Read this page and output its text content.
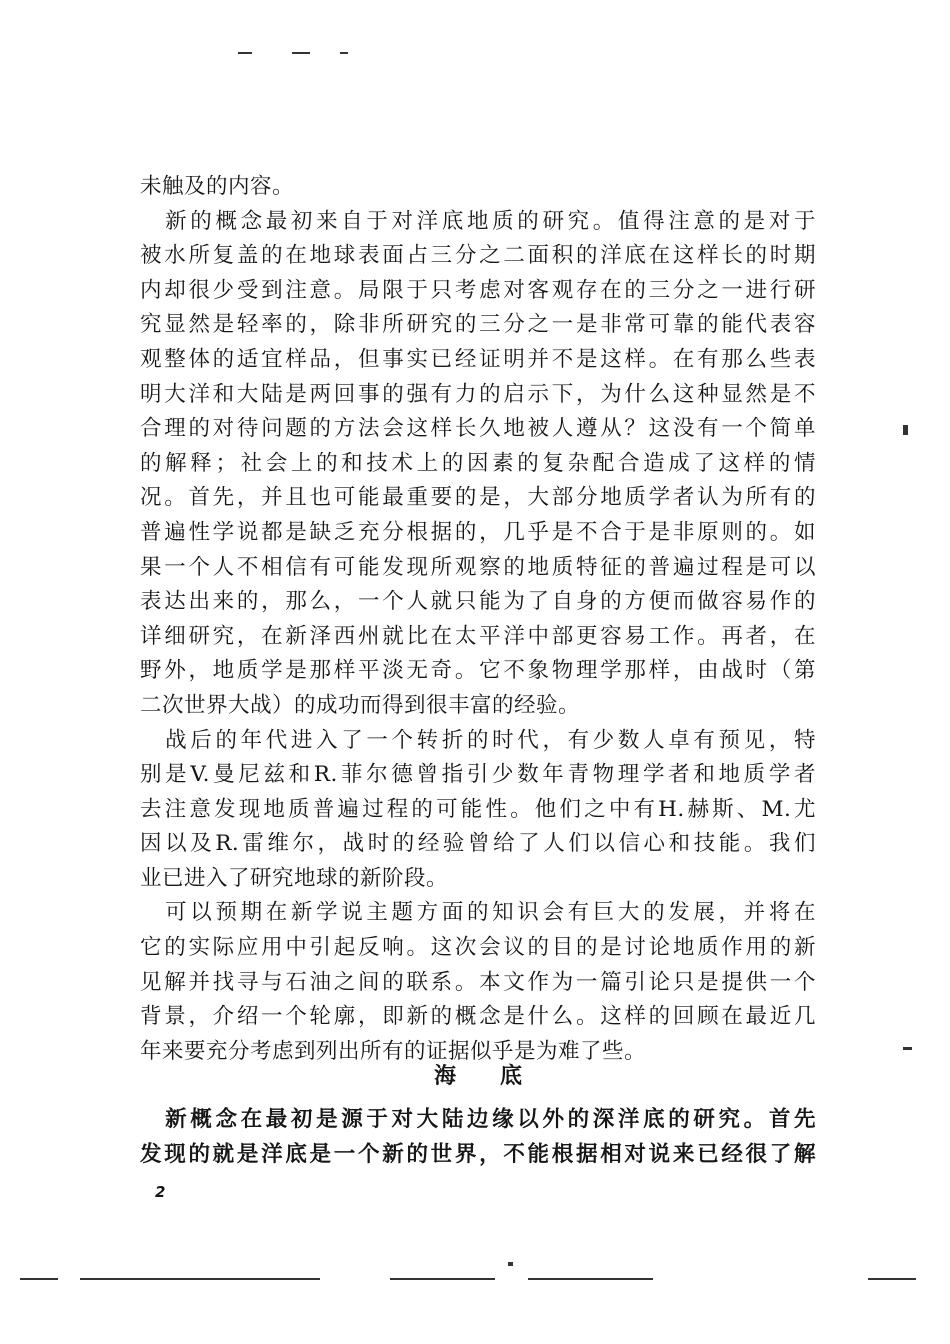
未触及的内容。
　新的概念最初来自于对洋底地质的研究。值得注意的是对于
被水所复盖的在地球表面占三分之二面积的洋底在这样长的时期
内却很少受到注意。局限于只考虑对客观存在的三分之一进行研
究显然是轻率的，除非所研究的三分之一是非常可靠的能代表容
观整体的适宜样品，但事实已经证明并不是这样。在有那么些表
明大洋和大陆是两回事的强有力的启示下，为什么这种显然是不
合理的对待问题的方法会这样长久地被人遵从？这没有一个简单
的解释；社会上的和技术上的因素的复杂配合造成了这样的情
况。首先，并且也可能最重要的是，大部分地质学者认为所有的
普遍性学说都是缺乏充分根据的，几乎是不合于是非原则的。如
果一个人不相信有可能发现所观察的地质特征的普遍过程是可以
表达出来的，那么，一个人就只能为了自身的方便而做容易作的
详细研究，在新泽西州就比在太平洋中部更容易工作。再者，在
野外，地质学是那样平淡无奇。它不象物理学那样，由战时（第
二次世界大战）的成功而得到很丰富的经验。
　战后的年代进入了一个转折的时代，有少数人卓有预见，特
别是V.曼尼兹和R.菲尔德曾指引少数年青物理学者和地质学者
去注意发现地质普遍过程的可能性。他们之中有H.赫斯、M.尤
因以及R.雷维尔，战时的经验曾给了人们以信心和技能。我们
业已进入了研究地球的新阶段。
　可以预期在新学说主题方面的知识会有巨大的发展，并将在
它的实际应用中引起反响。这次会议的目的是讨论地质作用的新
见解并找寻与石油之间的联系。本文作为一篇引论只是提供一个
背景，介绍一个轮廓，即新的概念是什么。这样的回顾在最近几
年来要充分考虑到列出所有的证据似乎是为难了些。
海底
　新概念在最初是源于对大陆边缘以外的深洋底的研究。首先
发现的就是洋底是一个新的世界，不能根据相对说来已经很了解
2
